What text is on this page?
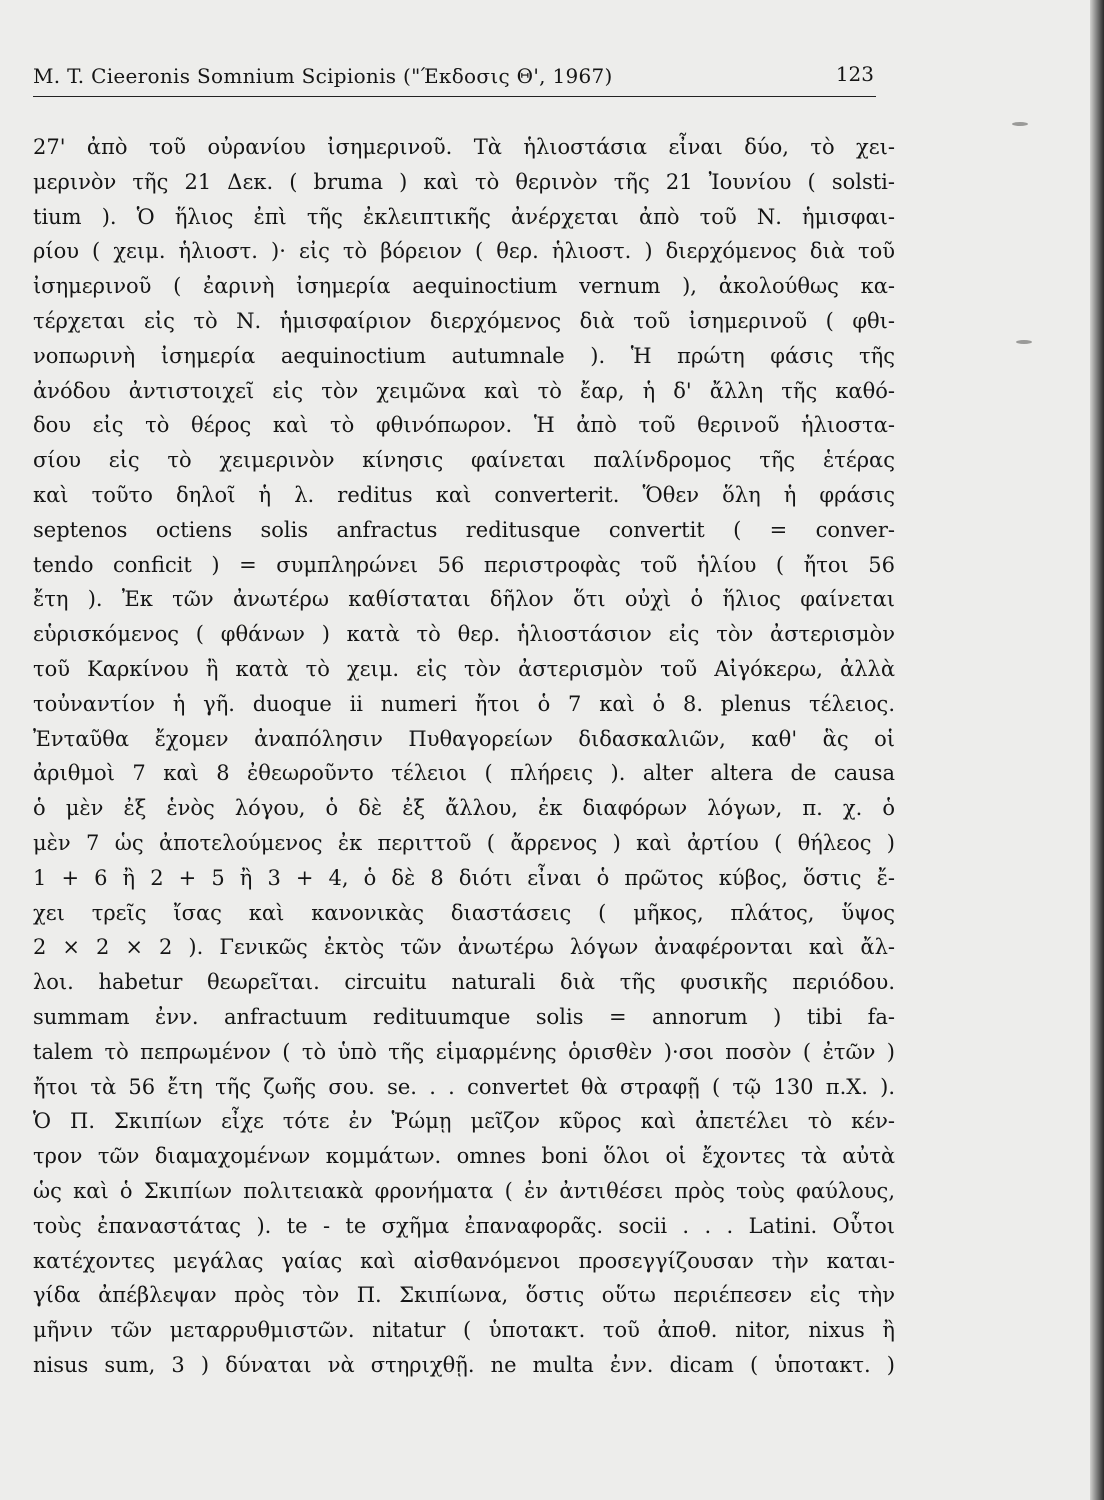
M. T. Cieeronis Somnium Scipionis ("Έκδοσις Θ', 1967)	123
27' ἀπὸ τοῦ οὐρανίου ἰσημερινοῦ. Τὰ ἡλιοστάσια εἶναι δύο, τὸ χει-
μερινὸν τῆς 21 Δεκ. ( bruma ) καὶ τὸ θερινὸν τῆς 21 Ἰουνίου ( solsti-
tium ). Ὁ ἥλιος ἐπὶ τῆς ἐκλειπτικῆς ἀνέρχεται ἀπὸ τοῦ Ν. ἡμισφαι-
ρίου ( χειμ. ἡλιοστ. )· εἰς τὸ βόρειον ( θερ. ἡλιοστ. ) διερχόμενος διὰ τοῦ
ἰσημερινοῦ ( ἐαρινὴ ἰσημερία aequinoctium vernum ), ἀκολούθως κα-
τέρχεται εἰς τὸ Ν. ἡμισφαίριον διερχόμενος διὰ τοῦ ἰσημερινοῦ ( φθι-
νοπωρινὴ ἰσημερία aequinoctium autumnale ). Ἡ πρώτη φάσις τῆς
ἀνόδου ἀντιστοιχεῖ εἰς τὸν χειμῶνα καὶ τὸ ἔαρ, ἡ δ' ἄλλη τῆς καθό-
δου εἰς τὸ θέρος καὶ τὸ φθινόπωρον. Ἡ ἀπὸ τοῦ θερινοῦ ἡλιοστα-
σίου εἰς τὸ χειμερινὸν κίνησις φαίνεται παλίνδρομος τῆς ἑτέρας
καὶ τοῦτο δηλοῖ ἡ λ. reditus καὶ converterit. Ὅθεν ὅλη ἡ φράσις
septenos octiens solis anfractus reditusque convertit ( = conver-
tendo conficit ) = συμπληρώνει 56 περιστροφὰς τοῦ ἡλίου ( ἤτοι 56
ἔτη ). Ἐκ τῶν ἀνωτέρω καθίσταται δῆλον ὅτι οὐχὶ ὁ ἥλιος φαίνεται
εὑρισκόμενος ( φθάνων ) κατὰ τὸ θερ. ἡλιοστάσιον εἰς τὸν ἀστερισμὸν
τοῦ Καρκίνου ἢ κατὰ τὸ χειμ. εἰς τὸν ἀστερισμὸν τοῦ Αἰγόκερω, ἀλλὰ
τοὐναντίον ἡ γῆ. duoque ii numeri ἤτοι ὁ 7 καὶ ὁ 8. plenus τέλειος.
Ἐνταῦθα ἔχομεν ἀναπόλησιν Πυθαγορείων διδασκαλιῶν, καθ' ἃς οἱ
ἀριθμοὶ 7 καὶ 8 ἐθεωροῦντο τέλειοι ( πλήρεις ). alter altera de causa
ὁ μὲν ἐξ ἑνὸς λόγου, ὁ δὲ ἐξ ἄλλου, ἐκ διαφόρων λόγων, π. χ. ὁ
μὲν 7 ὡς ἀποτελούμενος ἐκ περιττοῦ ( ἄρρενος ) καὶ ἀρτίου ( θήλεος )
1 + 6 ἢ 2 + 5 ἢ 3 + 4, ὁ δὲ 8 διότι εἶναι ὁ πρῶτος κύβος, ὅστις ἔ-
χει τρεῖς ἴσας καὶ κανονικὰς διαστάσεις ( μῆκος, πλάτος, ὕψος
2 × 2 × 2 ). Γενικῶς ἐκτὸς τῶν ἀνωτέρω λόγων ἀναφέρονται καὶ ἄλ-
λοι. habetur θεωρεῖται. circuitu naturali διὰ τῆς φυσικῆς περιόδου.
summam ἐνν. anfractuum redituumque solis = annorum ) tibi fa-
talem τὸ πεπρωμένον ( τὸ ὑπὸ τῆς εἱμαρμένης ὁρισθὲν )·σοι ποσὸν ( ἐτῶν )
ἤτοι τὰ 56 ἔτη τῆς ζωῆς σου. se. . . convertet θὰ στραφῇ ( τῷ 130 π.Χ. ).
Ὁ Π. Σκιπίων εἶχε τότε ἐν Ῥώμῃ μεῖζον κῦρος καὶ ἀπετέλει τὸ κέν-
τρον τῶν διαμαχομένων κομμάτων. omnes boni ὅλοι οἱ ἔχοντες τὰ αὐτὰ
ὡς καὶ ὁ Σκιπίων πολιτειακὰ φρονήματα ( ἐν ἀντιθέσει πρὸς τοὺς φαύλους,
τοὺς ἐπαναστάτας ). te - te σχῆμα ἐπαναφορᾶς. socii . . . Latini. Οὗτοι
κατέχοντες μεγάλας γαίας καὶ αἰσθανόμενοι προσεγγίζουσαν τὴν καται-
γίδα ἀπέβλεψαν πρὸς τὸν Π. Σκιπίωνα, ὅστις οὕτω περιέπεσεν εἰς τὴν
μῆνιν τῶν μεταρρυθμιστῶν. nitatur ( ὑποτακτ. τοῦ ἀποθ. nitor, nixus ἢ
nisus sum, 3 ) δύναται νὰ στηριχθῇ. ne multa ἐνν. dicam ( ὑποτακτ. )
